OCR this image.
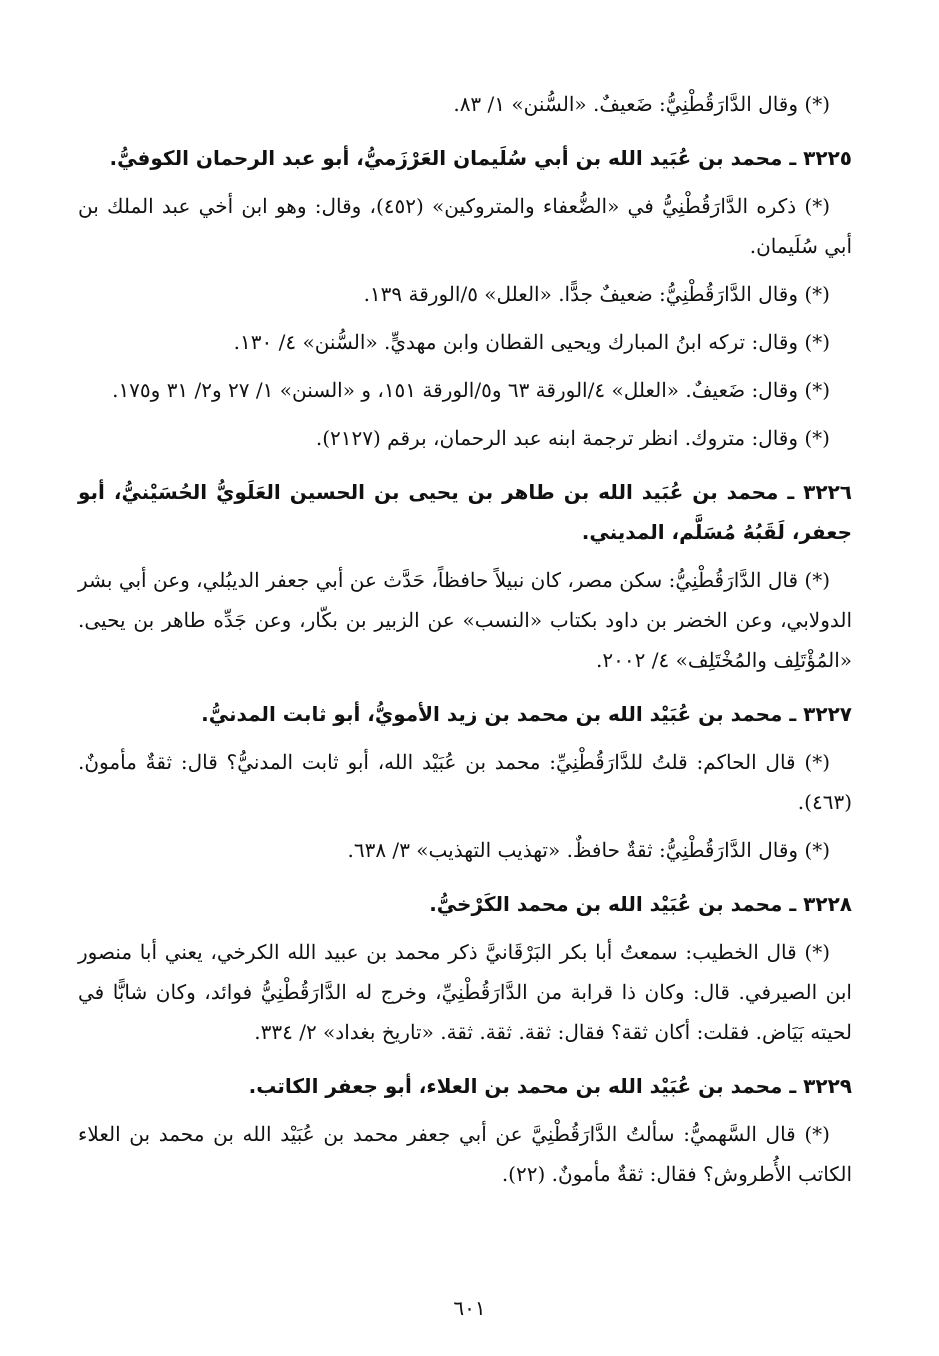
(*) وقال الدَّارَقُطْنِيُّ: ضَعيفٌ. «السُّنن» ١/ ٨٣.

٣٢٢٥ ـ محمد بن عُبَيد الله بن أبي سُلَيمان العَرْزَميُّ، أبو عبد الرحمان الكوفيُّ.

(*) ذكره الدَّارَقُطْنِيُّ في «الضُّعفاء والمتروكين» (٤٥٢)، وقال: وهو ابن أخي عبد الملك بن أبي سُلَيمان.

(*) وقال الدَّارَقُطْنِيُّ: ضعيفٌ جدًّا. «العلل» ٥/الورقة ١٣٩.

(*) وقال: تركه ابنُ المبارك ويحيى القطان وابن مهديٍّ. «السُّنن» ٤/ ١٣٠.

(*) وقال: ضَعيفٌ. «العلل» ٤/الورقة ٦٣ و٥/الورقة ١٥١، و «السنن» ١/ ٢٧ و٢/ ٣١ و١٧٥.

(*) وقال: متروك. انظر ترجمة ابنه عبد الرحمان، برقم (٢١٢٧).

٣٢٢٦ ـ محمد بن عُبَيد الله بن طاهر بن يحيى بن الحسين العَلَويُّ الحُسَيْنيُّ، أبو جعفر، لَقَبُهُ مُسَلَّم، المديني.

(*) قال الدَّارَقُطْنِيُّ: سكن مصر، كان نبيلاً حافظاً، حَدَّث عن أبي جعفر الديبُلي، وعن أبي بشر الدولابي، وعن الخضر بن داود بكتاب «النسب» عن الزبير بن بكّار، وعن جَدِّه طاهر بن يحيى. «المُؤْتَلِف والمُخْتَلِف» ٤/ ٢٠٠٢.

٣٢٢٧ ـ محمد بن عُبَيْد الله بن محمد بن زيد الأمويُّ، أبو ثابت المدنيُّ.

(*) قال الحاكم: قلتُ للدَّارَقُطْنِيِّ: محمد بن عُبَيْد الله، أبو ثابت المدنيُّ؟ قال: ثقةٌ مأمونٌ. (٤٦٣).

(*) وقال الدَّارَقُطْنِيُّ: ثقةٌ حافظٌ. «تهذيب التهذيب» ٣/ ٦٣٨.

٣٢٢٨ ـ محمد بن عُبَيْد الله بن محمد الكَرْخيُّ.

(*) قال الخطيب: سمعتُ أبا بكر البَرْقَانيَّ ذكر محمد بن عبيد الله الكرخي، يعني أبا منصور ابن الصيرفي. قال: وكان ذا قرابة من الدَّارَقُطْنِيِّ، وخرج له الدَّارَقُطْنِيُّ فوائد، وكان شابًّا في لحيته بَيَاض. فقلت: أكان ثقة؟ فقال: ثقة. ثقة. ثقة. «تاريخ بغداد» ٢/ ٣٣٤.

٣٢٢٩ ـ محمد بن عُبَيْد الله بن محمد بن العلاء، أبو جعفر الكاتب.

(*) قال السَّهميُّ: سألتُ الدَّارَقُطْنِيَّ عن أبي جعفر محمد بن عُبَيْد الله بن محمد بن العلاء الكاتب الأُطروش؟ فقال: ثقةٌ مأمونٌ. (٢٢).

٦٠١
